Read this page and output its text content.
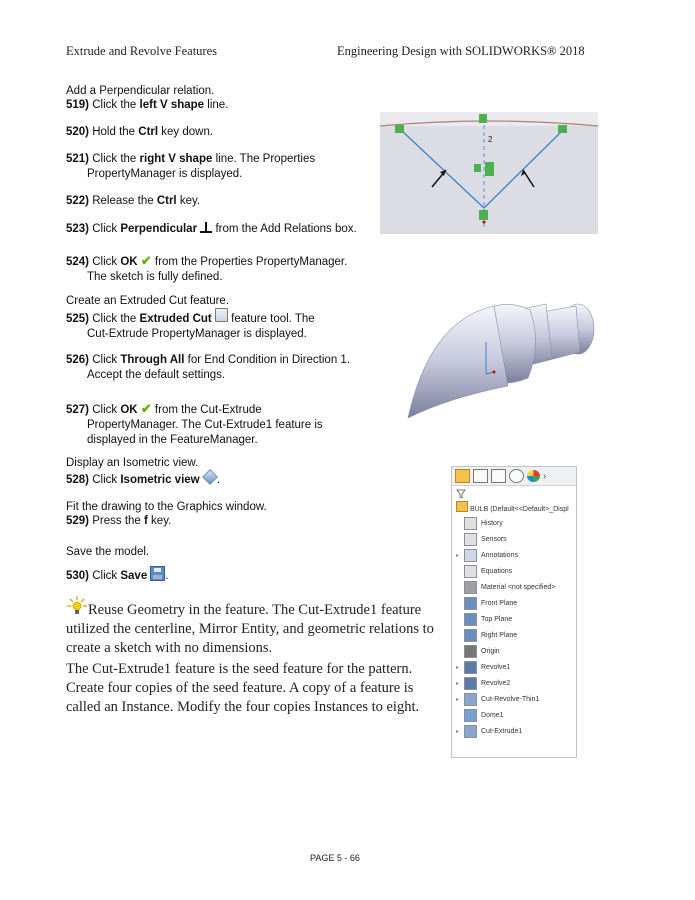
Extrude and Revolve Features	Engineering Design with SOLIDWORKS® 2018
Add a Perpendicular relation.
519) Click the left V shape line.
520) Hold the Ctrl key down.
521) Click the right V shape line. The Properties
PropertyManager is displayed.
522) Release the Ctrl key.
523) Click Perpendicular
from the Add Relations box.
2
524) Click OK ✔ from the Properties PropertyManager.
The sketch is fully defined.
Create an Extruded Cut feature.
525) Click the Extruded Cut  feature tool. The
Cut-Extrude PropertyManager is displayed.
526) Click Through All for End Condition in Direction 1.
Accept the default settings.
527) Click OK ✔ from the Cut-Extrude
PropertyManager. The Cut-Extrude1 feature is
displayed in the FeatureManager.
Display an Isometric view.
528) Click Isometric view .
Fit the drawing to the Graphics window.
529) Press the f key.
Save the model.
530) Click Save .
Reuse Geometry in the feature. The Cut-Extrude1 feature
utilized the centerline, Mirror Entity, and geometric relations to
create a sketch with no dimensions.
The Cut-Extrude1 feature is the seed feature for the pattern.
Create four copies of the seed feature. A copy of a feature is
called an Instance. Modify the four copies Instances to eight.
›
BULB (Default<<Default>_Displ
History
Sensors
▸	Annotations
Equations
Material <not specified>
Front Plane
Top Plane
Right Plane
Origin
▸	Revolve1
▸	Revolve2
▸	Cut-Revolve-Thin1
Dome1
▸	Cut-Extrude1
PAGE 5 - 66
